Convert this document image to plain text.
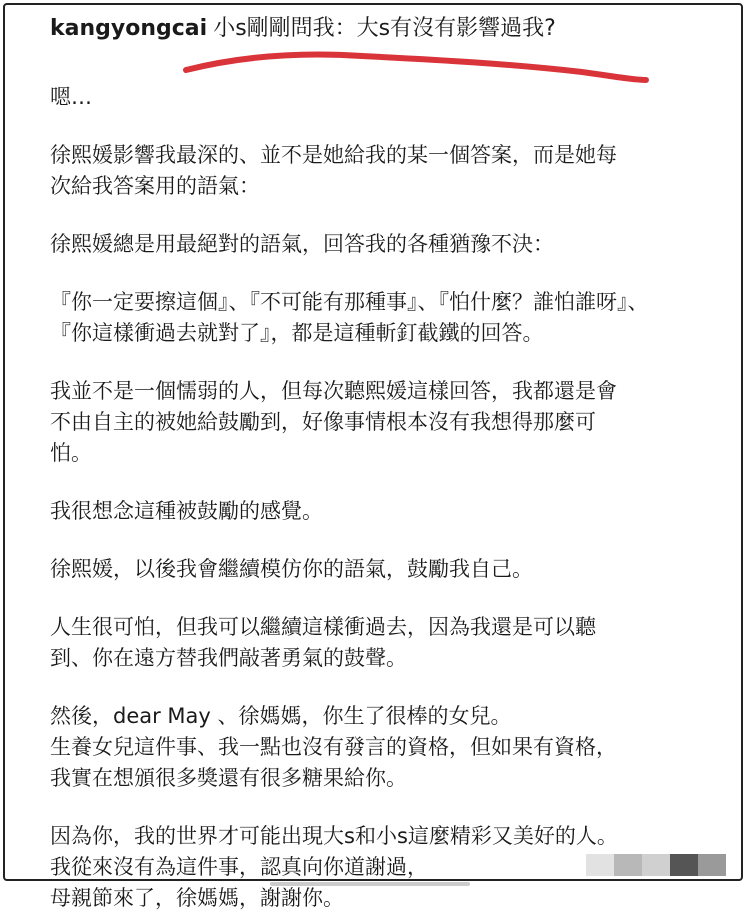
kangyongcai 小s剛剛問我：大s有沒有影響過我?

嗯…

徐熙媛影響我最深的、並不是她給我的某一個答案，而是她每
次給我答案用的語氣：

徐熙媛總是用最絕對的語氣，回答我的各種猶豫不決：

『你一定要擦這個』、『不可能有那種事』、『怕什麼？誰怕誰呀』、
『你這樣衝過去就對了』，都是這種斬釘截鐵的回答。

我並不是一個懦弱的人，但每次聽熙媛這樣回答，我都還是會
不由自主的被她給鼓勵到，好像事情根本沒有我想得那麼可
怕。

我很想念這種被鼓勵的感覺。

徐熙媛，以後我會繼續模仿你的語氣，鼓勵我自己。

人生很可怕，但我可以繼續這樣衝過去，因為我還是可以聽
到、你在遠方替我們敲著勇氣的鼓聲。

然後，dear May 、徐媽媽，你生了很棒的女兒。
生養女兒這件事、我一點也沒有發言的資格，但如果有資格，
我實在想頒很多獎還有很多糖果給你。

因為你，我的世界才可能出現大s和小s這麼精彩又美好的人。
我從來沒有為這件事，認真向你道謝過，
母親節來了，徐媽媽，謝謝你。
